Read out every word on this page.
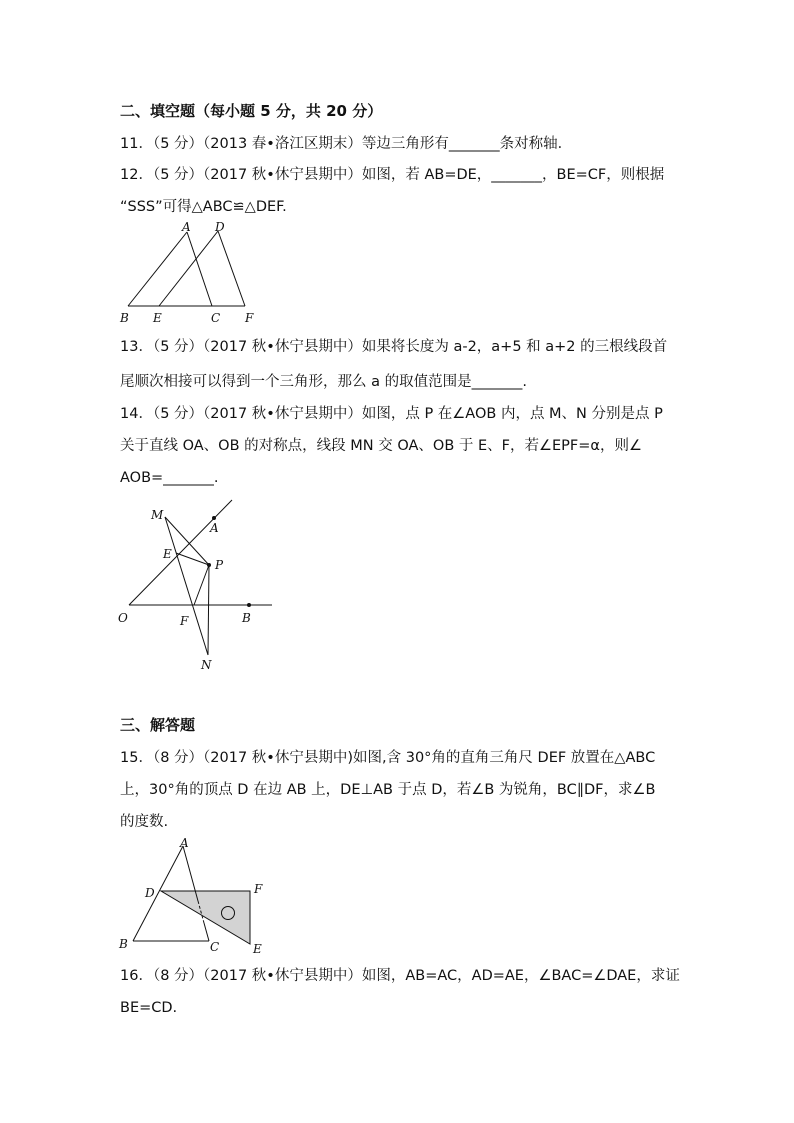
二、填空题（每小题 5 分，共 20 分）
11．（5 分）（2013 春•洛江区期末）等边三角形有_______条对称轴．
12．（5 分）（2017 秋•休宁县期中）如图，若 AB=DE，_______，BE=CF，则根据
“SSS”可得△ABC≌△DEF.
A D
B E	C F
13．（5 分）（2017 秋•休宁县期中）如果将长度为 a-2，a+5 和 a+2 的三根线段首
尾顺次相接可以得到一个三角形，那么 a 的取值范围是_______.
14．（5 分）（2017 秋•休宁县期中）如图，点 P 在∠AOB 内，点 M、N 分别是点 P
关于直线 OA、OB 的对称点，线段 MN 交 OA、OB 于 E、F，若∠EPF=α，则∠
AOB=_______.
M
A
E
P
O	F	B
N
三、解答题
15．（8 分）（2017 秋•休宁县期中)如图,含 30°角的直角三角尺 DEF 放置在△ABC
上，30°角的顶点 D 在边 AB 上，DE⊥AB 于点 D，若∠B 为锐角，BC∥DF，求∠B
的度数.
A
D	F
B	C	E
16．（8 分）（2017 秋•休宁县期中）如图，AB=AC，AD=AE，∠BAC=∠DAE，求证
BE=CD.
